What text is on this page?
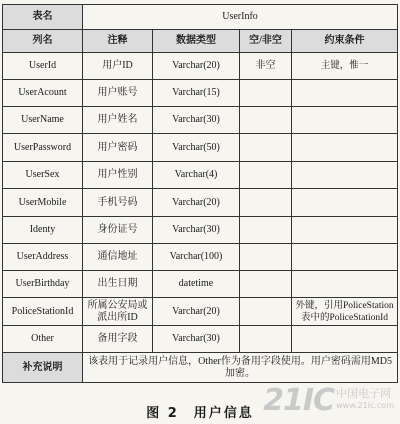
表名	UserInfo			
列名	注释	数据类型	空/非空	约束条件
UserId	用户ID	Varchar(20)	非空	主键，惟一
UserAcount	用户账号	Varchar(15)		
UserName	用户姓名	Varchar(30)		
UserPassword	用户密码	Varchar(50)		
UserSex	用户性别	Varchar(4)		
UserMobile	手机号码	Varchar(20)		
Identy	身份证号	Varchar(30)		
UserAddress	通信地址	Varchar(100)		
UserBirthday	出生日期	datetime		
PoliceStationId	所属公安局或派出所ID	Varchar(20)		外键，引用PoliceStation表中的PoliceStationId
Other	备用字段	Varchar(30)		
补充说明	该表用于记录用户信息，Other作为备用字段使用。用户密码需用MD5加密。			
图 2　用户信息 21IC 中国电子网
www.21ic.com
